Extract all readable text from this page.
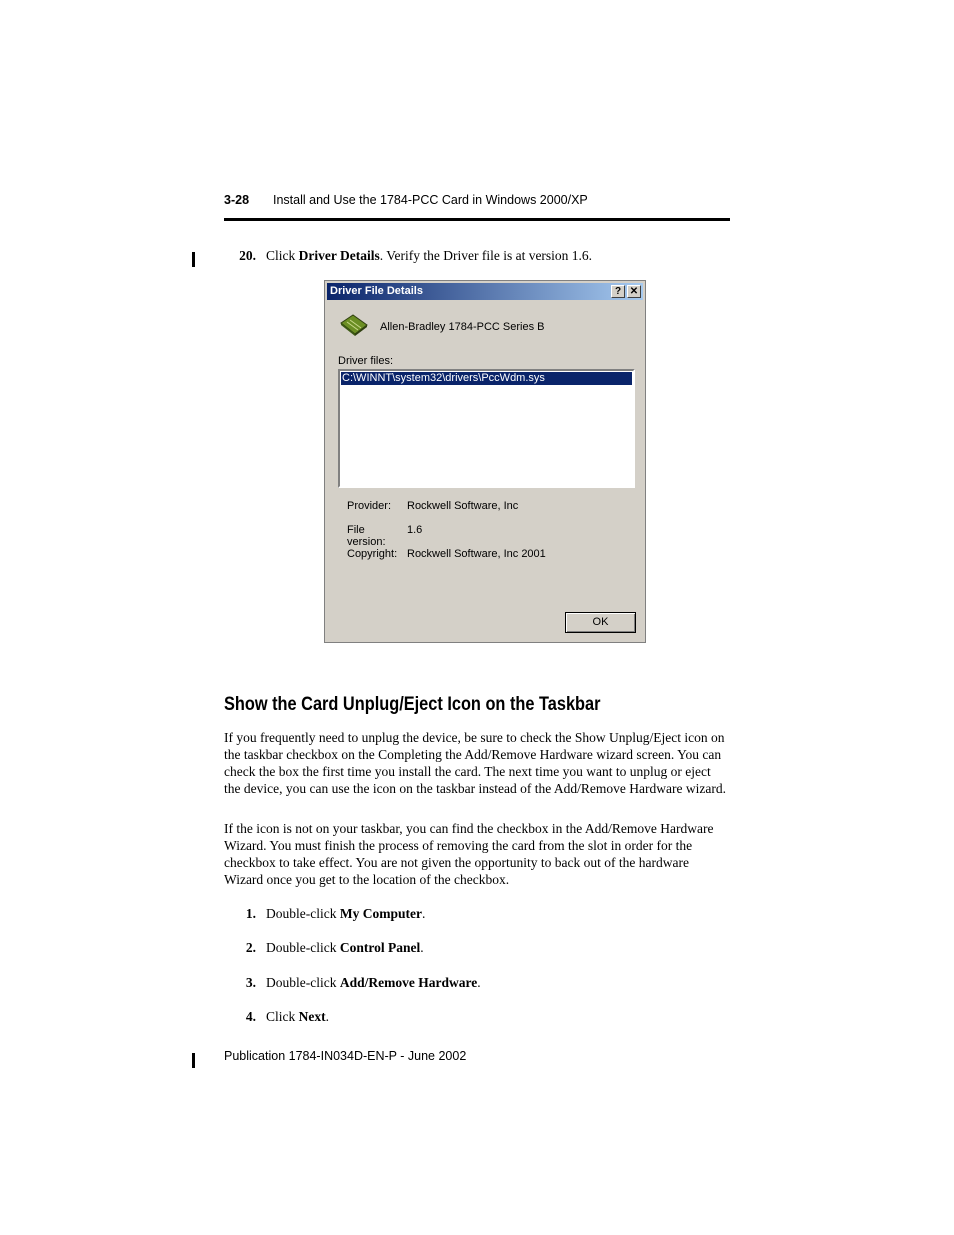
3-28 Install and Use the 1784-PCC Card in Windows 2000/XP
20. Click Driver Details. Verify the Driver file is at version 1.6.
Driver File Details	? ✕
Allen-Bradley 1784-PCC Series B
Driver files:
C:\WINNT\system32\drivers\PccWdm.sys
Provider: Rockwell Software, Inc
File version:
1.6
Copyright: Rockwell Software, Inc 2001
OK
Show the Card Unplug/Eject Icon on the Taskbar

If you frequently need to unplug the device, be sure to check the Show Unplug/Eject icon on the taskbar checkbox on the Completing the Add/Remove Hardware wizard screen. You can check the box the first time you install the card. The next time you want to unplug or eject the device, you can use the icon on the taskbar instead of the Add/Remove Hardware wizard.

If the icon is not on your taskbar, you can find the checkbox in the Add/Remove Hardware Wizard. You must finish the process of removing the card from the slot in order for the checkbox to take effect. You are not given the opportunity to back out of the hardware Wizard once you get to the location of the checkbox.

1. Double-click My Computer.
2. Double-click Control Panel.
3. Double-click Add/Remove Hardware.
4. Click Next.
Publication 1784-IN034D-EN-P - June 2002
